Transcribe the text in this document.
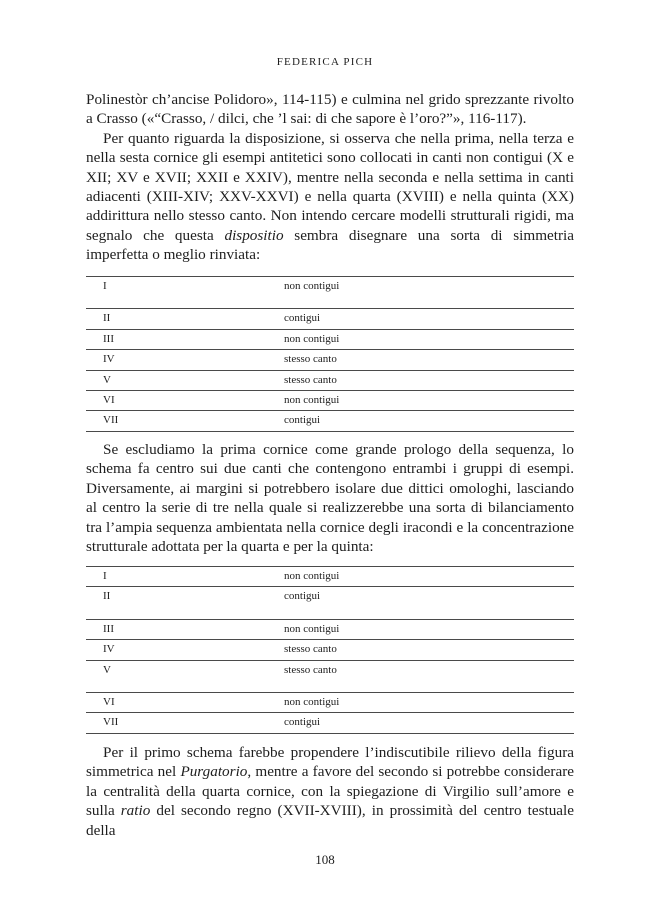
FEDERICA PICH

Polinestòr ch’ancise Polidoro», 114-115) e culmina nel grido sprezzante rivolto a Crasso («“Crasso, / dilci, che ’l sai: di che sapore è l’oro?”», 116-117).

Per quanto riguarda la disposizione, si osserva che nella prima, nella terza e nella sesta cornice gli esempi antitetici sono collocati in canti non contigui (X e XII; XV e XVII; XXII e XXIV), mentre nella seconda e nella settima in canti adiacenti (XIII-XIV; XXV-XXVI) e nella quarta (XVIII) e nella quinta (XX) addirittura nello stesso canto. Non intendo cercare modelli strutturali rigidi, ma segnalo che questa dispositio sembra disegnare una sorta di simmetria imperfetta o meglio rinviata:

I	non contigui
II	contigui
III	non contigui
IV	stesso canto
V	stesso canto
VI	non contigui
VII	contigui

Se escludiamo la prima cornice come grande prologo della sequenza, lo schema fa centro sui due canti che contengono entrambi i gruppi di esempi. Diversamente, ai margini si potrebbero isolare due dittici omologhi, lasciando al centro la serie di tre nella quale si realizzerebbe una sorta di bilanciamento tra l’ampia sequenza ambientata nella cornice degli iracondi e la concentrazione strutturale adottata per la quarta e per la quinta:

I	non contigui
II	contigui
III	non contigui
IV	stesso canto
V	stesso canto
VI	non contigui
VII	contigui

Per il primo schema farebbe propendere l’indiscutibile rilievo della figura simmetrica nel Purgatorio, mentre a favore del secondo si potrebbe considerare la centralità della quarta cornice, con la spiegazione di Virgilio sull’amore e sulla ratio del secondo regno (XVII-XVIII), in prossimità del centro testuale della

108
